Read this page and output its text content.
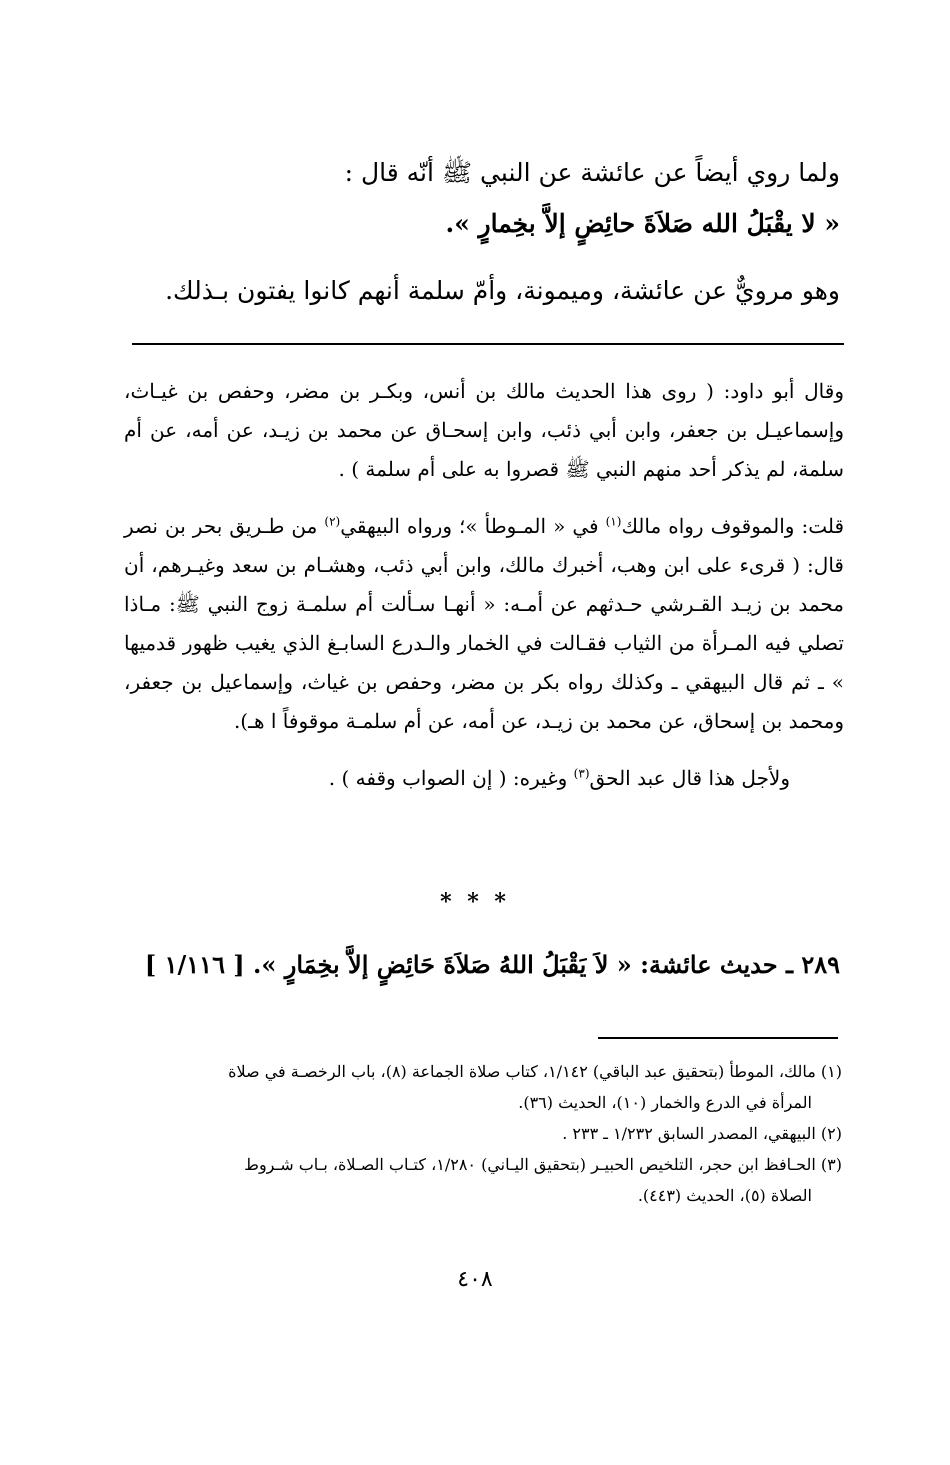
ولما روي أيضاً عن عائشة عن النبي ﷺ أنّه قال :
« لا يقْبَلُ الله صَلاَةَ حائِضٍ إلاَّ بخِمارٍ ».
وهو مرويٌّ عن عائشة، وميمونة، وأمّ سلمة أنهم كانوا يفتون بـذلك.

وقال أبو داود: ( روى هذا الحديث مالك بن أنس، وبكـر بن مضر، وحفص بن غيـاث، وإسماعيـل بن جعفر، وابن أبي ذئب، وابن إسحـاق عن محمد بن زيـد، عن أمه، عن أم سلمة، لم يذكر أحد منهم النبي ﷺ قصروا به على أم سلمة ) .

قلت: والموقوف رواه مالك$^{(١)}$ في « المـوطأ »؛ ورواه البيهقي$^{(٢)}$ من طـريق بحر بن نصر قال: ( قرىء على ابن وهب، أخبرك مالك، وابن أبي ذئب، وهشـام بن سعد وغيـرهم، أن محمد بن زيـد القـرشي حـدثهم عن أمـه: « أنهـا سـألت أم سلمـة زوج النبي ﷺ: مـاذا تصلي فيه المـرأة من الثياب فقـالت في الخمار والـدرع السابـغ الذي يغيب ظهور قدميها » ـ ثم قال البيهقي ـ وكذلك رواه بكر بن مضر، وحفص بن غياث، وإسماعيل بن جعفر، ومحمد بن إسحاق، عن محمد بن زيـد، عن أمه، عن أم سلمـة موقوفاً ا هـ).

ولأجل هذا قال عبد الحق$^{(٣)}$ وغيره: ( إن الصواب وقفه ) .

* * *
٢٨٩ ـ حديث عائشة: « لاَ يَقْبَلُ اللهُ صَلاَةَ حَائِضٍ إلاَّ بخِمَارٍ ». [ ١/١١٦ ]

(١) مالك، الموطأ (بتحقيق عبد الباقي) ١/١٤٢، كتاب صلاة الجماعة (٨)، باب الرخصـة في صلاة

المرأة في الدرع والخمار (١٠)، الحديث (٣٦).

(٢) البيهقي، المصدر السابق ١/٢٣٢ ـ ٢٣٣ .

(٣) الحـافظ ابن حجر، التلخيص الحبيـر (بتحقيق اليـاني) ١/٢٨٠، كتـاب الصـلاة، بـاب شـروط

الصلاة (٥)، الحديث (٤٤٣).

٤٠٨
